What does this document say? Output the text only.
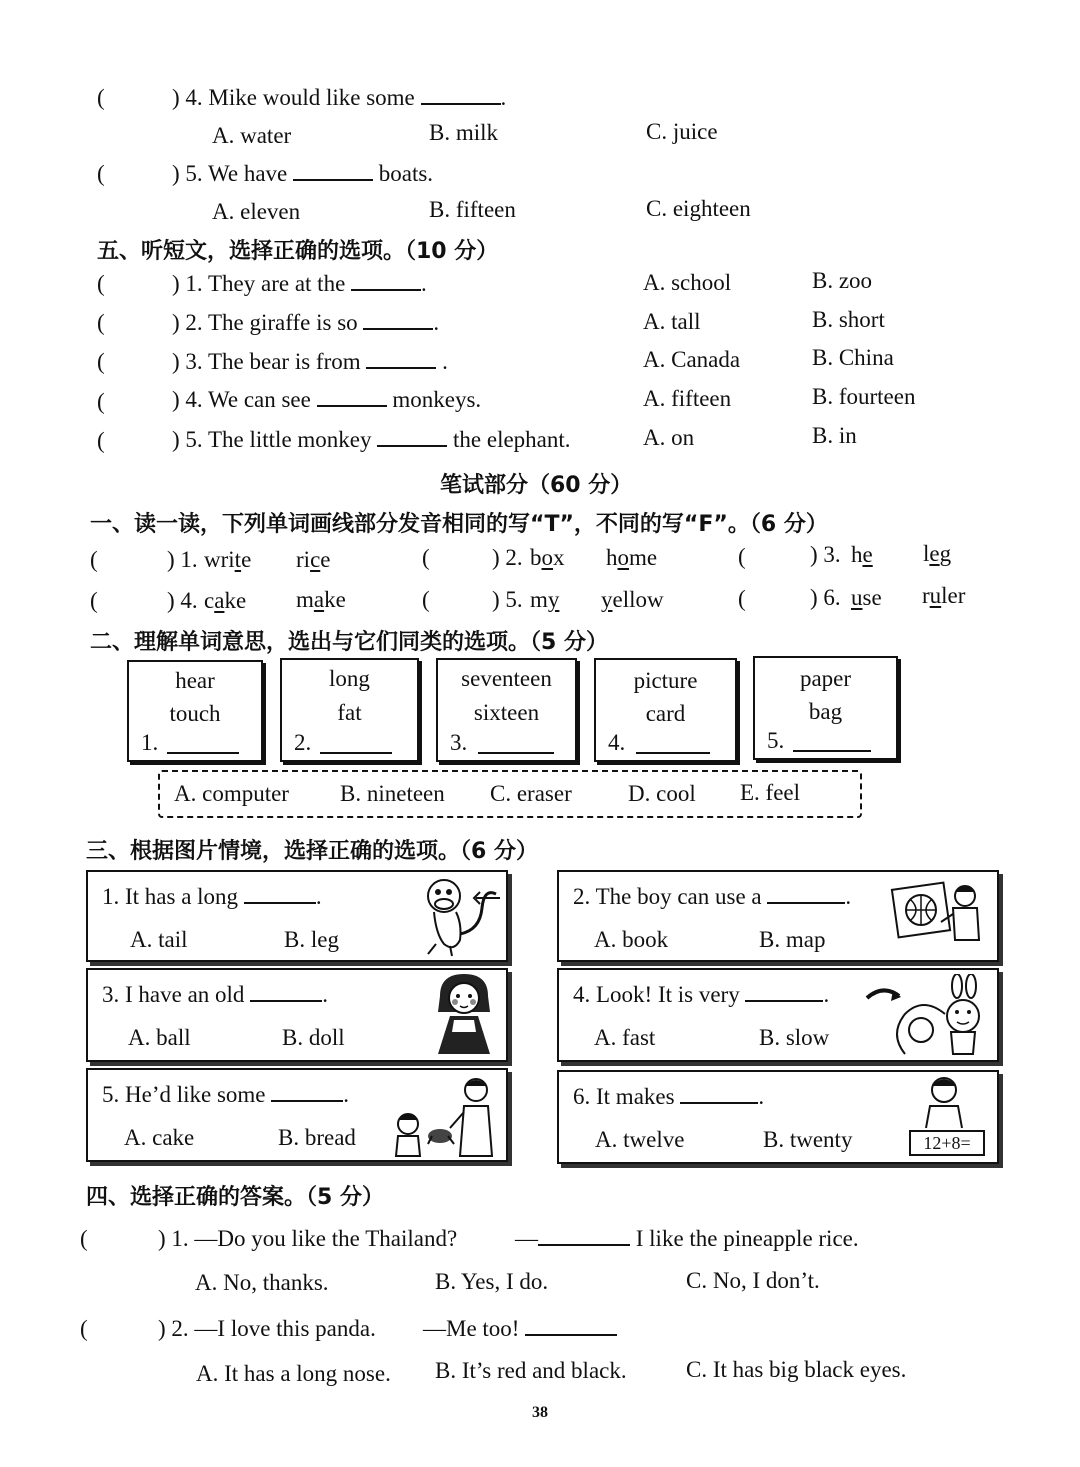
(	) 4. Mike would like some	.
A. water	B. milk	C. juice
(	) 5. We have	boats.
A. eleven	B. fifteen	C. eighteen
五、听短文，选择正确的选项。（10 分）
(	) 1. They are at the	.	A. school	B. zoo
(	) 2. The giraffe is so	.	A. tall	B. short
(	) 3. The bear is from	.	A. Canada	B. China
(	) 4. We can see	monkeys.	A. fifteen	B. fourteen
(	) 5. The little monkey	the elephant.	A. on	B. in
笔试部分（60 分）
一、读一读，下列单词画线部分发音相同的写“T”，不同的写“F”。（6 分）
(	) 1. write rice	(	) 2. box home	(	) 3. he leg
(	) 4. cake make	(	) 5. my yellow	(	) 6. use ruler
二、理解单词意思，选出与它们同类的选项。（5 分）
hear
touch
1.
long
fat
2.
seventeen
sixteen
3.
picture
card
4.
paper
bag
5.
A. computer B. nineteen C. eraser D. cool E. feel
三、根据图片情境，选择正确的选项。（6 分）
1. It has a long	.
A. tail	B. leg
2. The boy can use a	.
A. book	B. map
3. I have an old	.
A. ball	B. doll
4. Look! It is very	.
A. fast	B. slow
5. He’d like some	.
A. cake	B. bread
6. It makes	.
A. twelve	B. twenty	12+8=
四、选择正确的答案。（5 分）
(	) 1. —Do you like the Thailand?	—	I like the pineapple rice.
A. No, thanks.	B. Yes, I do.	C. No, I don’t.
(	) 2. —I love this panda. —Me too!
A. It has a long nose. B. It’s red and black.	C. It has big black eyes.
38
